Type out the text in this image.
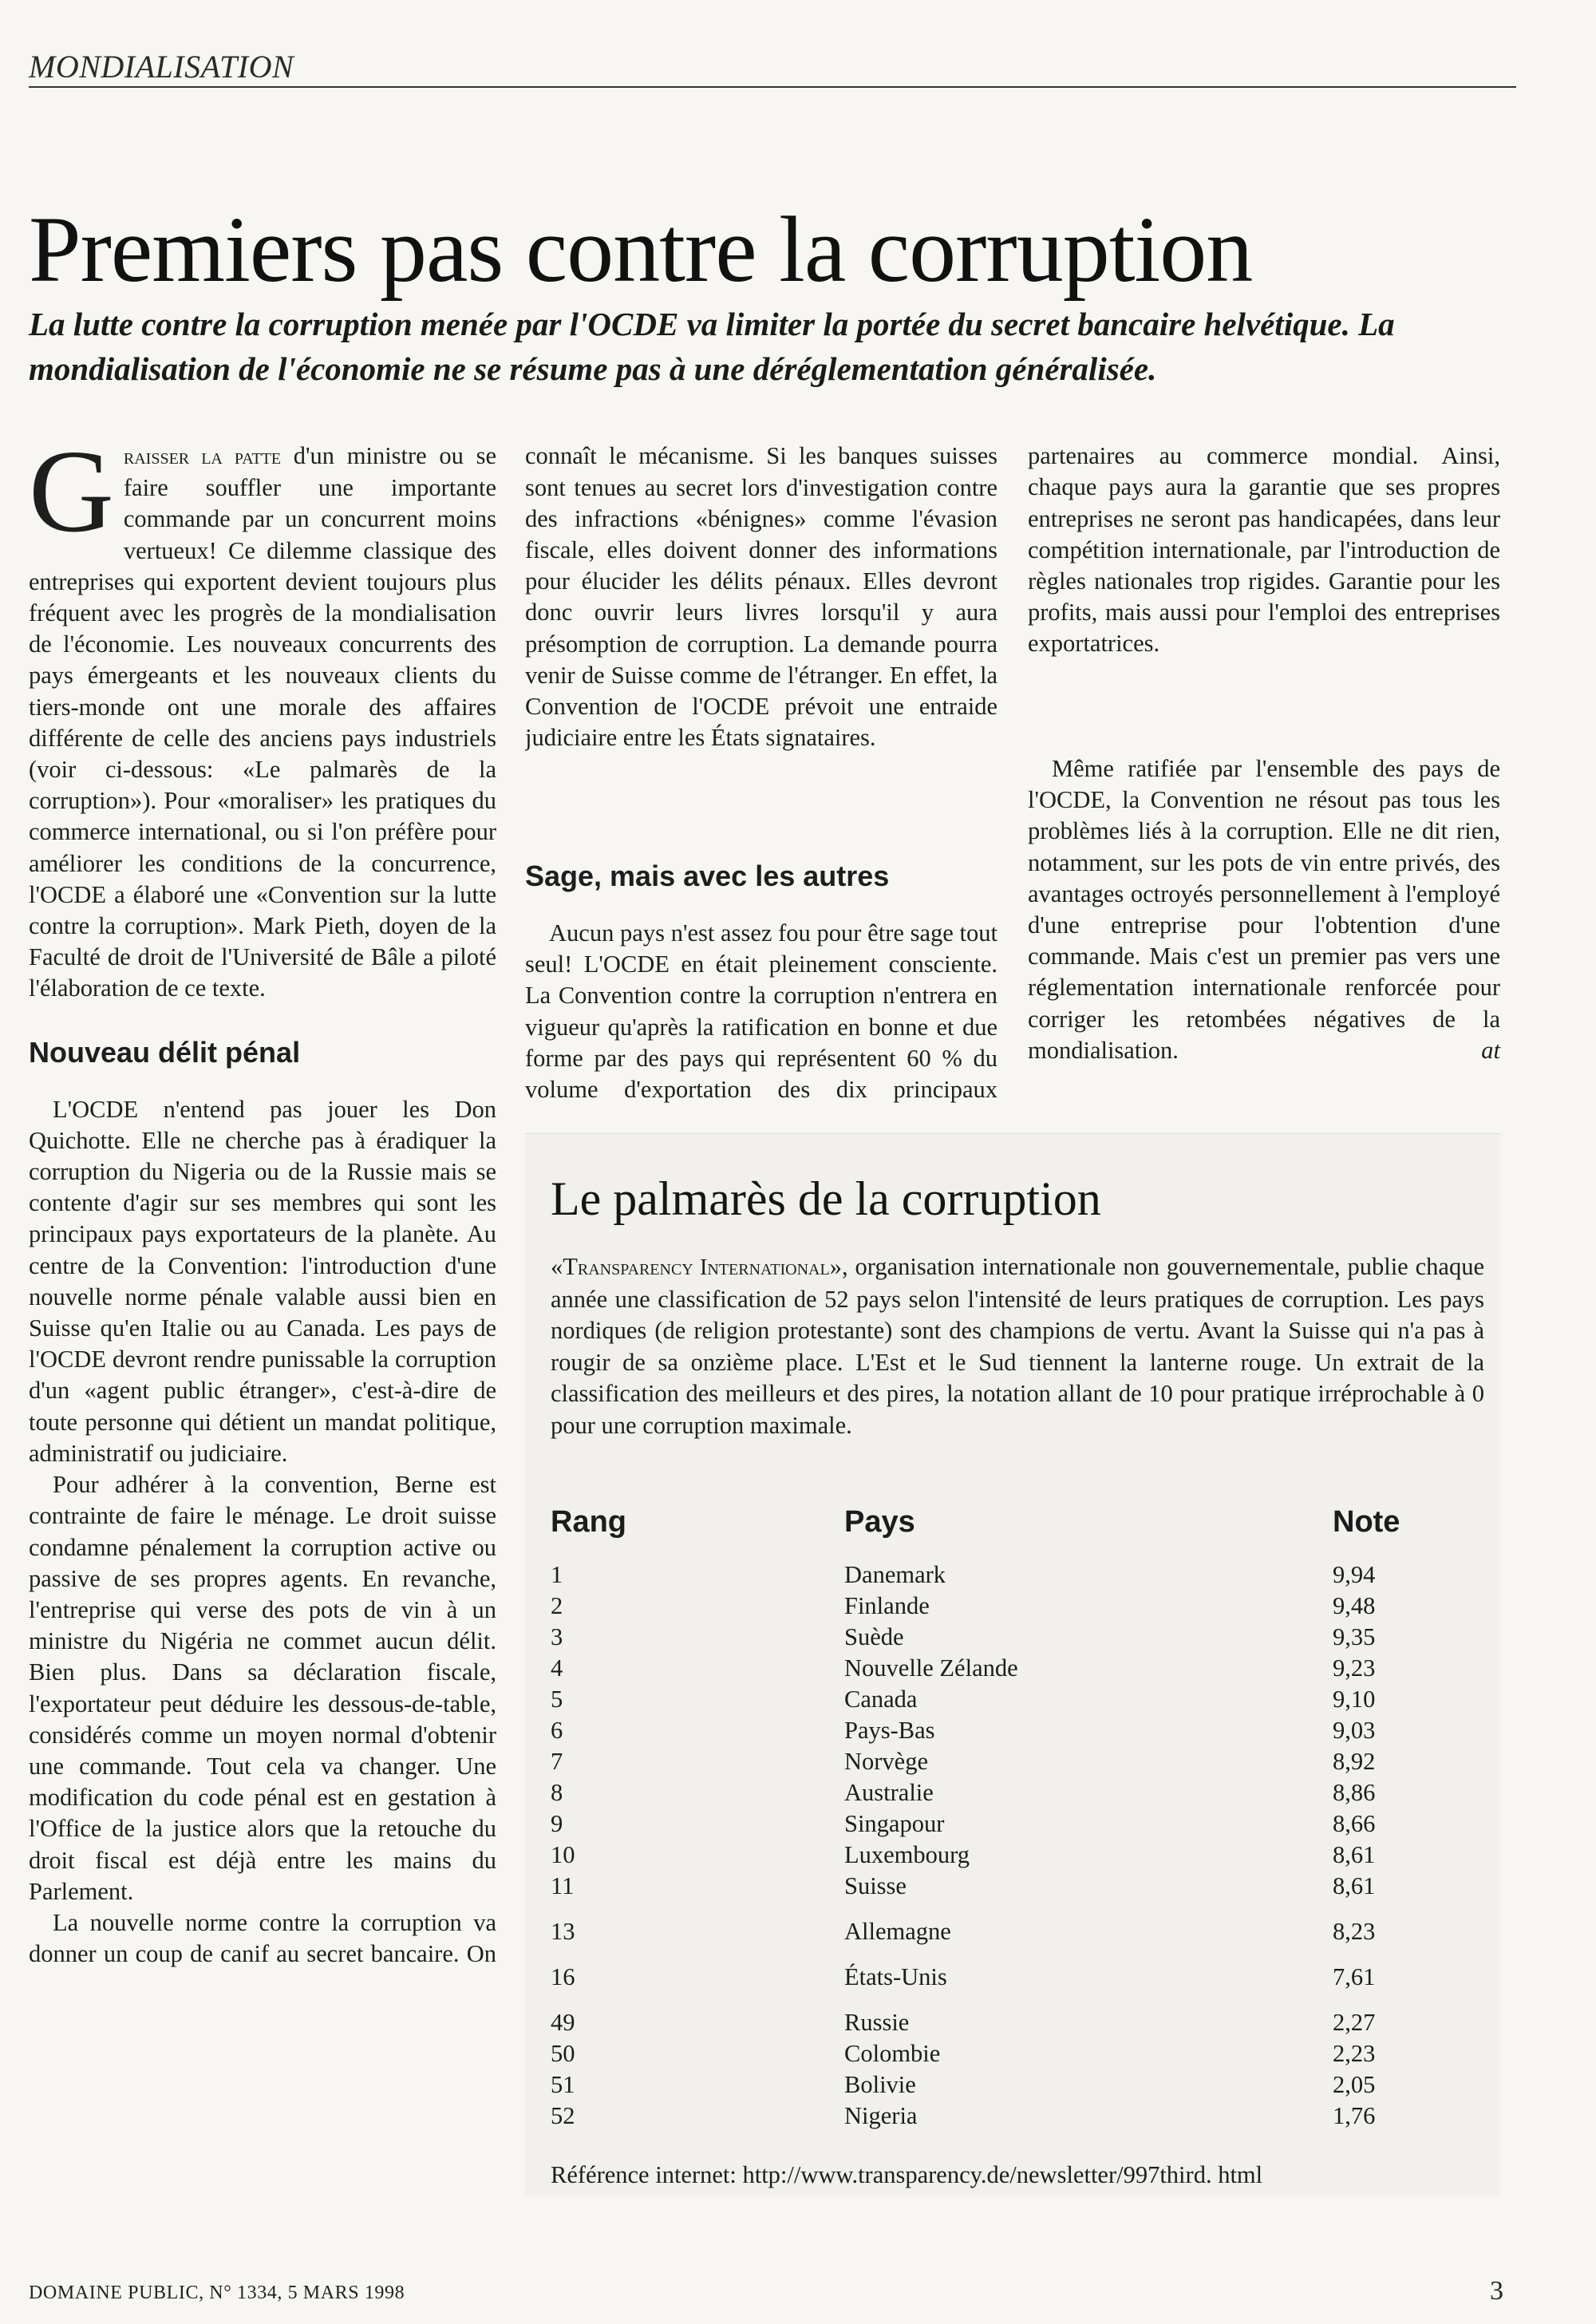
MONDIALISATION
Premiers pas contre la corruption
La lutte contre la corruption menée par l'OCDE va limiter la portée du secret bancaire helvétique. La mondialisation de l'économie ne se résume pas à une déréglementation généralisée.

Graisser la patte d'un ministre ou se faire souffler une importante commande par un concurrent moins vertueux! Ce dilemme classique des entreprises qui exportent devient toujours plus fréquent avec les progrès de la mondialisation de l'économie. Les nouveaux concurrents des pays émergeants et les nouveaux clients du tiers-monde ont une morale des affaires différente de celle des anciens pays industriels (voir ci-dessous: «Le palmarès de la corruption»). Pour «moraliser» les pratiques du commerce international, ou si l'on préfère pour améliorer les conditions de la concurrence, l'OCDE a élaboré une «Convention sur la lutte contre la corruption». Mark Pieth, doyen de la Faculté de droit de l'Université de Bâle a piloté l'élaboration de ce texte.

Nouveau délit pénal

L'OCDE n'entend pas jouer les Don Quichotte. Elle ne cherche pas à éradiquer la corruption du Nigeria ou de la Russie mais se contente d'agir sur ses membres qui sont les principaux pays exportateurs de la planète. Au centre de la Convention: l'introduction d'une nouvelle norme pénale valable aussi bien en Suisse qu'en Italie ou au Canada. Les pays de l'OCDE devront rendre punissable la corruption d'un «agent public étranger», c'est-à-dire de toute personne qui détient un mandat politique, administratif ou judiciaire.

Pour adhérer à la convention, Berne est contrainte de faire le ménage. Le droit suisse condamne pénalement la corruption active ou passive de ses propres agents. En revanche, l'entreprise qui verse des pots de vin à un ministre du Nigéria ne commet aucun délit. Bien plus. Dans sa déclaration fiscale, l'exportateur peut déduire les dessous-de-table, considérés comme un moyen normal d'obtenir une commande. Tout cela va changer. Une modification du code pénal est en gestation à l'Office de la justice alors que la retouche du droit fiscal est déjà entre les mains du Parlement.

La nouvelle norme contre la corruption va donner un coup de canif au secret bancaire. On

connaît le mécanisme. Si les banques suisses sont tenues au secret lors d'investigation contre des infractions «bénignes» comme l'évasion fiscale, elles doivent donner des informations pour élucider les délits pénaux. Elles devront donc ouvrir leurs livres lorsqu'il y aura présomption de corruption. La demande pourra venir de Suisse comme de l'étranger. En effet, la Convention de l'OCDE prévoit une entraide judiciaire entre les États signataires.

Sage, mais avec les autres

Aucun pays n'est assez fou pour être sage tout seul! L'OCDE en était pleinement consciente. La Convention contre la corruption n'entrera en vigueur qu'après la ratification en bonne et due forme par des pays qui représentent 60 % du volume d'exportation des dix principaux

partenaires au commerce mondial. Ainsi, chaque pays aura la garantie que ses propres entreprises ne seront pas handicapées, dans leur compétition internationale, par l'introduction de règles nationales trop rigides. Garantie pour les profits, mais aussi pour l'emploi des entreprises exportatrices.

Même ratifiée par l'ensemble des pays de l'OCDE, la Convention ne résout pas tous les problèmes liés à la corruption. Elle ne dit rien, notamment, sur les pots de vin entre privés, des avantages octroyés personnellement à l'employé d'une entreprise pour l'obtention d'une commande. Mais c'est un premier pas vers une réglementation internationale renforcée pour corriger les retombées négatives de la mondialisation.	at

Le palmarès de la corruption
«Transparency International», organisation internationale non gouvernementale, publie chaque année une classification de 52 pays selon l'intensité de leurs pratiques de corruption. Les pays nordiques (de religion protestante) sont des champions de vertu. Avant la Suisse qui n'a pas à rougir de sa onzième place. L'Est et le Sud tiennent la lanterne rouge. Un extrait de la classification des meilleurs et des pires, la notation allant de 10 pour pratique irréprochable à 0 pour une corruption maximale.
Rang	Pays	Note
1	Danemark	9,94
2	Finlande	9,48
3	Suède	9,35
4	Nouvelle Zélande	9,23
5	Canada	9,10
6	Pays-Bas	9,03
7	Norvège	8,92
8	Australie	8,86
9	Singapour	8,66
10	Luxembourg	8,61
11	Suisse	8,61
13	Allemagne	8,23
16	États-Unis	7,61
49	Russie	2,27
50	Colombie	2,23
51	Bolivie	2,05
52	Nigeria	1,76
Référence internet: http://www.transparency.de/newsletter/997third. html
DOMAINE PUBLIC, N° 1334, 5 MARS 1998	3
